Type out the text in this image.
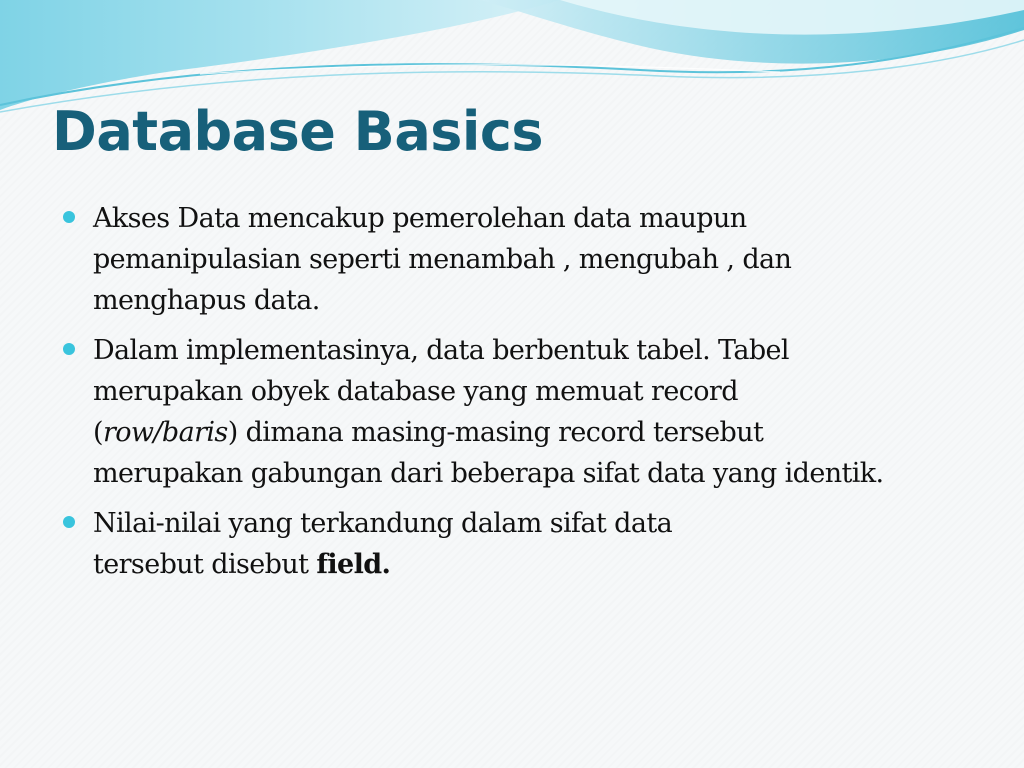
Database Basics
Akses Data mencakup pemerolehan data maupun
pemanipulasian seperti menambah , mengubah , dan
menghapus data.
Dalam implementasinya, data berbentuk tabel. Tabel
merupakan obyek database yang memuat record
(row/baris) dimana masing-masing record tersebut
merupakan gabungan dari beberapa sifat data yang identik.
Nilai-nilai yang terkandung dalam sifat data
tersebut disebut field.
